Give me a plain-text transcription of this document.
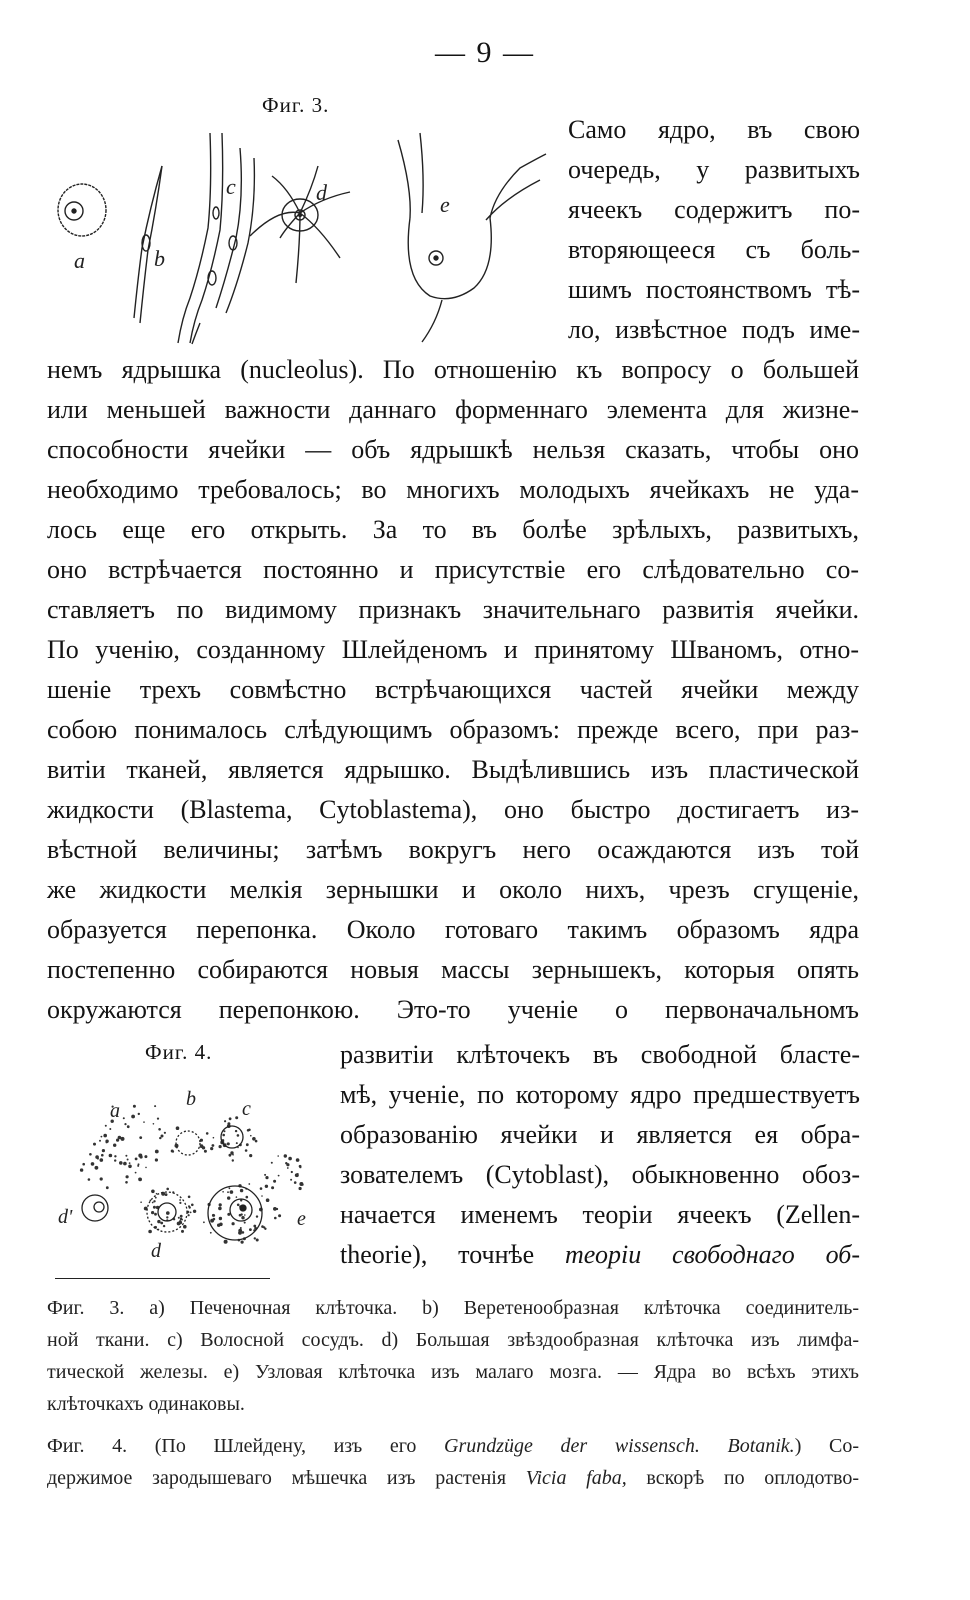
— 9 —
Фиг. 3.
a	b
c	d	e
Само ядро, въ свою
очередь, у развитыхъ
ячеекъ содержитъ по-
вторяющееся съ боль-
шимъ постоянствомъ тѣ-
ло, извѣстное подъ име-
немъ ядрышка (nucleolus). По отношенію къ вопросу о большей
или меньшей важности даннаго форменнаго элемента для жизне-
способности ячейки — объ ядрышкѣ нельзя сказать, чтобы оно
необходимо требовалось; во многихъ молодыхъ ячейкахъ не уда-
лось еще его открыть. За то въ болѣе зрѣлыхъ, развитыхъ,
оно встрѣчается постоянно и присутствіе его слѣдовательно со-
ставляетъ по видимому признакъ значительнаго развитія ячейки.
По ученію, созданному Шлейденомъ и принятому Шваномъ, отно-
шеніе трехъ совмѣстно встрѣчающихся частей ячейки между
собою понималось слѣдующимъ образомъ: прежде всего, при раз-
витіи тканей, является ядрышко. Выдѣлившись изъ пластической
жидкости (Blastema, Cytoblastema), оно быстро достигаетъ из-
вѣстной величины; затѣмъ вокругъ него осаждаются изъ той
же жидкости мелкія зернышки и около нихъ, чрезъ сгущеніе,
образуется перепонка. Около готоваго такимъ образомъ ядра
постепенно собираются новыя массы зернышекъ, которыя опять
окружаются перепонкою. Это-то ученіе о первоначальномъ
Фиг. 4.
a
b c
d'
d
e
развитіи клѣточекъ въ свободной бласте-
мѣ, ученіе, по которому ядро предшествуетъ
образованію ячейки и является ея обра-
зователемъ (Cytoblast), обыкновенно обоз-
начается именемъ теоріи ячеекъ (Zellen-
theorie), точнѣе теоріи свободнаго об-
Фиг. 3. a) Печеночная клѣточка. b) Веретенообразная клѣточка соединитель-
ной ткани. c) Волосной сосудъ. d) Большая звѣздообразная клѣточка изъ лимфа-
тической железы. e) Узловая клѣточка изъ малаго мозга. — Ядра во всѣхъ этихъ
клѣточкахъ одинаковы.
Фиг. 4. (По Шлейдену, изъ его Grundzüge der wissensch. Botanik.) Со-
держимое зародышеваго мѣшечка изъ растенія Vicia faba, вскорѣ по оплодотво-
